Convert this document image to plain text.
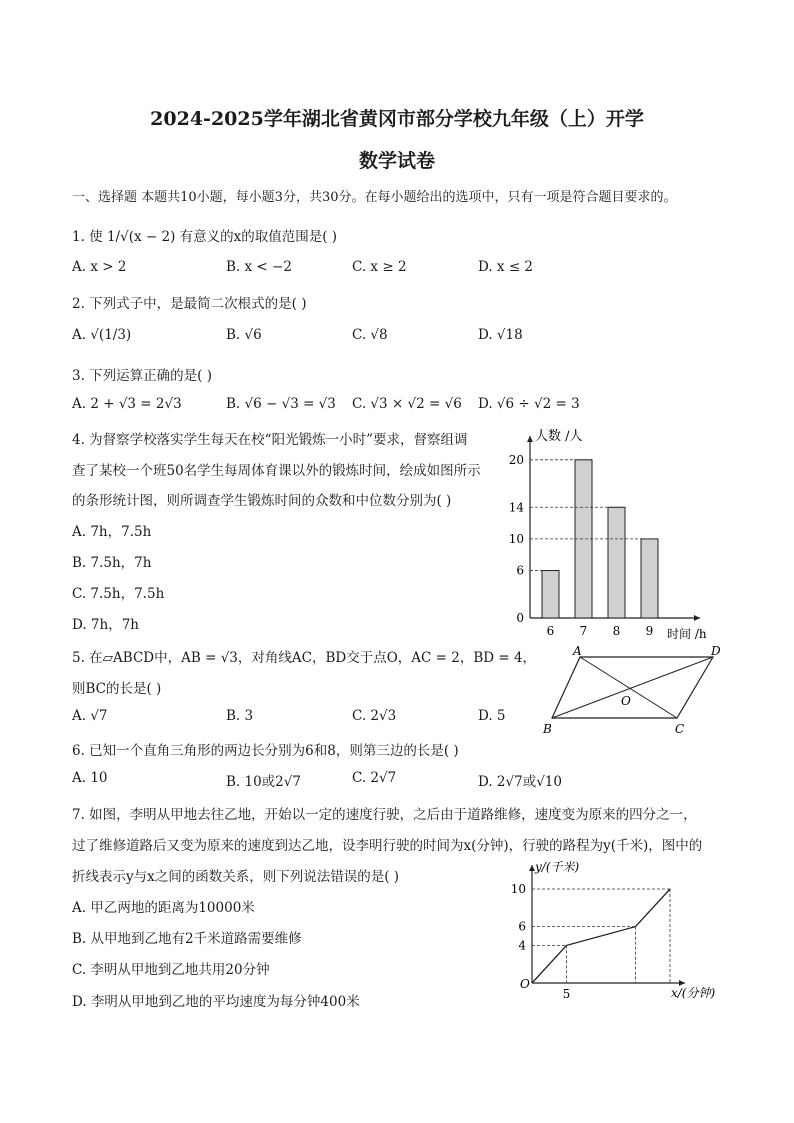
2024-2025学年湖北省黄冈市部分学校九年级（上）开学
数学试卷
一、选择题 本题共10小题，每小题3分，共30分。在每小题给出的选项中，只有一项是符合题目要求的。
1. 使 1/√(x − 2) 有意义的x的取值范围是( )
A. x > 2	B. x < −2	C. x ≥ 2	D. x ≤ 2
2. 下列式子中，是最简二次根式的是( )
A. √(1/3)	B. √6	C. √8	D. √18
3. 下列运算正确的是( )
A. 2 + √3 = 2√3	B. √6 − √3 = √3 C. √3 × √2 = √6 D. √6 ÷ √2 = 3
4. 为督察学校落实学生每天在校“阳光锻炼一小时”要求，督察组调
查了某校一个班50名学生每周体育课以外的锻炼时间，绘成如图所示
的条形统计图，则所调查学生锻炼时间的众数和中位数分别为( )
A. 7h，7.5h
B. 7.5h，7h
C. 7.5h，7.5h
D. 7h，7h
人数 /人
时间 /h
0
6
10
14
20
6 7 8 9
5. 在▱ABCD中，AB = √3，对角线AC，BD交于点O，AC = 2，BD = 4，
则BC的长是( )
A. √7	B. 3	C. 2√3	D. 5
A	D
B	C
O
6. 已知一个直角三角形的两边长分别为6和8，则第三边的长是( )
A. 10	B. 10或2√7	C. 2√7	D. 2√7或√10
7. 如图，李明从甲地去往乙地，开始以一定的速度行驶，之后由于道路维修，速度变为原来的四分之一，
过了维修道路后又变为原来的速度到达乙地，设李明行驶的时间为x(分钟)，行驶的路程为y(千米)，图中的
折线表示y与x之间的函数关系，则下列说法错误的是( )
A. 甲乙两地的距离为10000米
B. 从甲地到乙地有2千米道路需要维修
C. 李明从甲地到乙地共用20分钟
D. 李明从甲地到乙地的平均速度为每分钟400米
y/(千米)
x/(分钟)
O
4
6
10
5
